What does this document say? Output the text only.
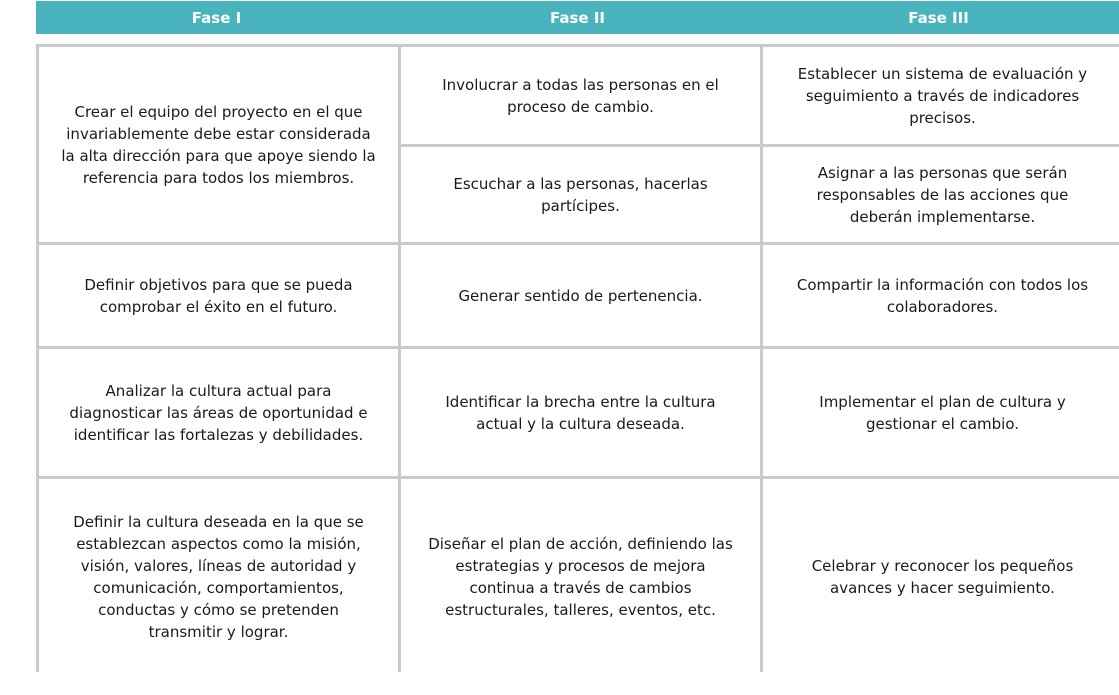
Fase I	Fase II	Fase III
Crear el equipo del proyecto en el que invariablemente debe estar considerada la alta dirección para que apoye siendo la referencia para todos los miembros.
Definir objetivos para que se pueda comprobar el éxito en el futuro.
Analizar la cultura actual para diagnosticar las áreas de oportunidad e identificar las fortalezas y debilidades.
Definir la cultura deseada en la que se establezcan aspectos como la misión, visión, valores, líneas de autoridad y comunicación, comportamientos, conductas y cómo se pretenden transmitir y lograr.
Involucrar a todas las personas en el proceso de cambio.
Escuchar a las personas, hacerlas partícipes.
Generar sentido de pertenencia.
Identificar la brecha entre la cultura actual y la cultura deseada.
Diseñar el plan de acción, definiendo las estrategias y procesos de mejora continua a través de cambios estructurales, talleres, eventos, etc.
Establecer un sistema de evaluación y seguimiento a través de indicadores precisos.
Asignar a las personas que serán responsables de las acciones que deberán implementarse.
Compartir la información con todos los colaboradores.
Implementar el plan de cultura y gestionar el cambio.
Celebrar y reconocer los pequeños avances y hacer seguimiento.
